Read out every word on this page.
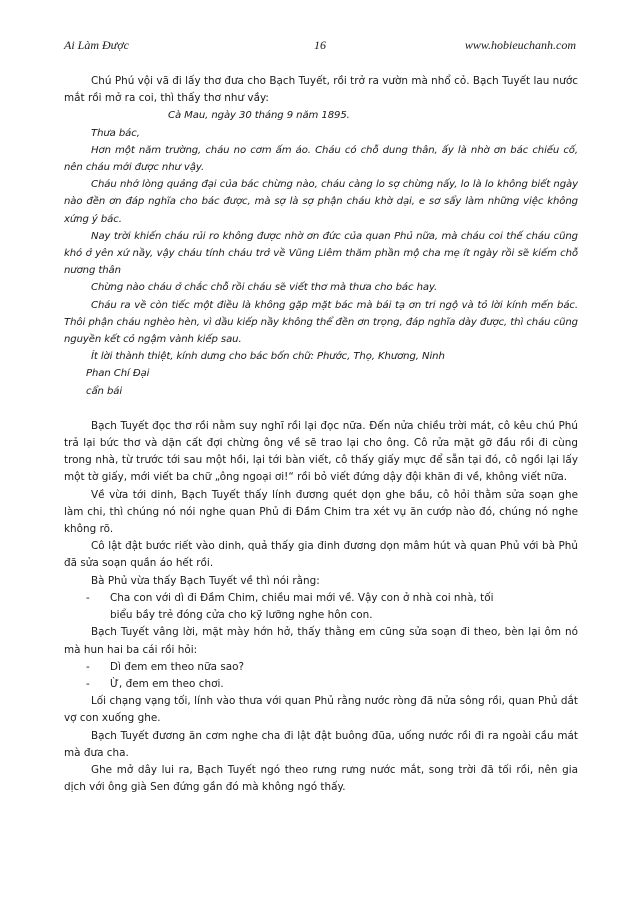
Ai Làm Được	16	www.hobieuchanh.com

Chú Phú vội vã đi lấy thơ đưa cho Bạch Tuyết, rồi trở ra vườn mà nhổ cỏ. Bạch Tuyết lau nước mắt rồi mở ra coi, thì thấy thơ như vầy:

Cà Mau, ngày 30 tháng 9 năm 1895.

Thưa bác,

Hơn một năm trường, cháu no cơm ấm áo. Cháu có chỗ dung thân, ấy là nhờ ơn bác chiếu cố, nên cháu mới được như vậy.

Cháu nhớ lòng quảng đại của bác chừng nào, cháu càng lo sợ chừng nấy, lo là lo không biết ngày nào đền ơn đáp nghĩa cho bác được, mà sợ là sợ phận cháu khờ dại, e sơ sẩy làm những việc không xứng ý bác.

Nay trời khiến cháu rủi ro không được nhờ ơn đức của quan Phủ nữa, mà cháu coi thế cháu cũng khó ở yên xứ nầy, vậy cháu tính cháu trở về Vũng Liêm thăm phần mộ cha mẹ ít ngày rồi sẽ kiếm chỗ nương thân

Chừng nào cháu ở chắc chỗ rồi cháu sẽ viết thơ mà thưa cho bác hay.

Cháu ra về còn tiếc một điều là không gặp mặt bác mà bái tạ ơn tri ngộ và tỏ lời kính mến bác. Thôi phận cháu nghèo hèn, vì dầu kiếp nầy không thể đền ơn trọng, đáp nghĩa dày được, thì cháu cũng nguyền kết cỏ ngậm vành kiếp sau.

Ít lời thành thiệt, kính dưng cho bác bốn chữ: Phước, Thọ, Khương, Ninh

Phan Chí Đại

cẩn bái

Bạch Tuyết đọc thơ rồi nằm suy nghĩ rồi lại đọc nữa. Đến nửa chiều trời mát, cô kêu chú Phú trả lại bức thơ và dặn cất đợi chừng ông về sẽ trao lại cho ông. Cô rửa mặt gỡ đầu rồi đi cùng trong nhà, từ trước tới sau một hồi, lại tới bàn viết, cô thấy giấy mực để sẵn tại đó, cô ngồi lại lấy một tờ giấy, mới viết ba chữ „ông ngoại ơi!“ rồi bỏ viết đứng dậy đội khăn đi về, không viết nữa.

Về vừa tới dinh, Bạch Tuyết thấy lính đương quét dọn ghe bầu, cô hỏi thằm sửa soạn ghe làm chi, thì chúng nó nói nghe quan Phủ đi Đầm Chim tra xét vụ ăn cướp nào đó, chúng nó nghe không rõ.

Cô lật đật bước riết vào dinh, quả thấy gia đinh đương dọn mâm hút và quan Phủ với bà Phủ đã sửa soạn quần áo hết rồi.

Bà Phủ vừa thấy Bạch Tuyết về thì nói rằng:

- Cha con với dì đi Đầm Chim, chiều mai mới về. Vậy con ở nhà coi nhà, tối

biểu bầy trẻ đóng cửa cho kỹ lưỡng nghe hôn con.

Bạch Tuyết vâng lời, mặt mày hớn hở, thấy thằng em cũng sửa soạn đi theo, bèn lại ôm nó mà hun hai ba cái rồi hỏi:

- Dì đem em theo nữa sao?

- Ừ, đem em theo chơi.

Lối chạng vạng tối, lính vào thưa với quan Phủ rằng nước ròng đã nửa sông rồi, quan Phủ dắt vợ con xuống ghe.

Bạch Tuyết đương ăn cơm nghe cha đi lật đật buông đũa, uống nước rồi đi ra ngoài cầu mát mà đưa cha.

Ghe mở dây lui ra, Bạch Tuyết ngó theo rưng rưng nước mắt, song trời đã tối rồi, nên gia dịch với ông già Sen đứng gần đó mà không ngó thấy.
